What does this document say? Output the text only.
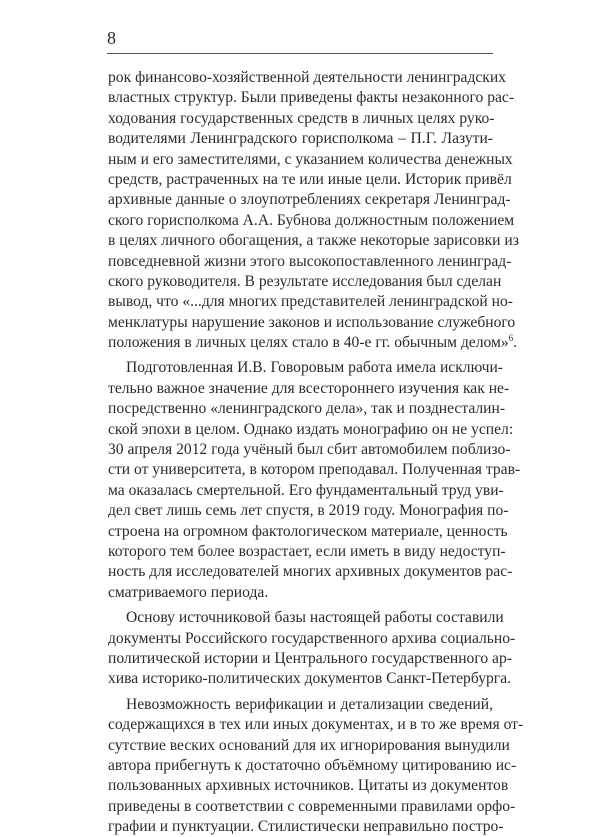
8
рок финансово-хозяйственной деятельности ленинградских
властных структур. Были приведены факты незаконного рас-
ходования государственных средств в личных целях руко-
водителями Ленинградского горисполкома – П.Г. Лазути-
ным и его заместителями, с указанием количества денежных
средств, растраченных на те или иные цели. Историк привёл
архивные данные о злоупотреблениях секретаря Ленинград-
ского горисполкома А.А. Бубнова должностным положением
в целях личного обогащения, а также некоторые зарисовки из
повседневной жизни этого высокопоставленного ленинград-
ского руководителя. В результате исследования был сделан
вывод, что «...для многих представителей ленинградской но-
менклатуры нарушение законов и использование служебного
положения в личных целях стало в 40-е гг. обычным делом»$^6$.
Подготовленная И.В. Говоровым работа имела исключи-
тельно важное значение для всестороннего изучения как не-
посредственно «ленинградского дела», так и позднесталин-
ской эпохи в целом. Однако издать монографию он не успел:
30 апреля 2012 года учёный был сбит автомобилем поблизо-
сти от университета, в котором преподавал. Полученная трав-
ма оказалась смертельной. Его фундаментальный труд уви-
дел свет лишь семь лет спустя, в 2019 году. Монография по-
строена на огромном фактологическом материале, ценность
которого тем более возрастает, если иметь в виду недоступ-
ность для исследователей многих архивных документов рас-
сматриваемого периода.
Основу источниковой базы настоящей работы составили
документы Российского государственного архива социально-
политической истории и Центрального государственного ар-
хива историко-политических документов Санкт-Петербурга.
Невозможность верификации и детализации сведений,
содержащихся в тех или иных документах, и в то же время от-
сутствие веских оснований для их игнорирования вынудили
автора прибегнуть к достаточно объёмному цитированию ис-
пользованных архивных источников. Цитаты из документов
приведены в соответствии с современными правилами орфо-
графии и пунктуации. Стилистически неправильно постро-
